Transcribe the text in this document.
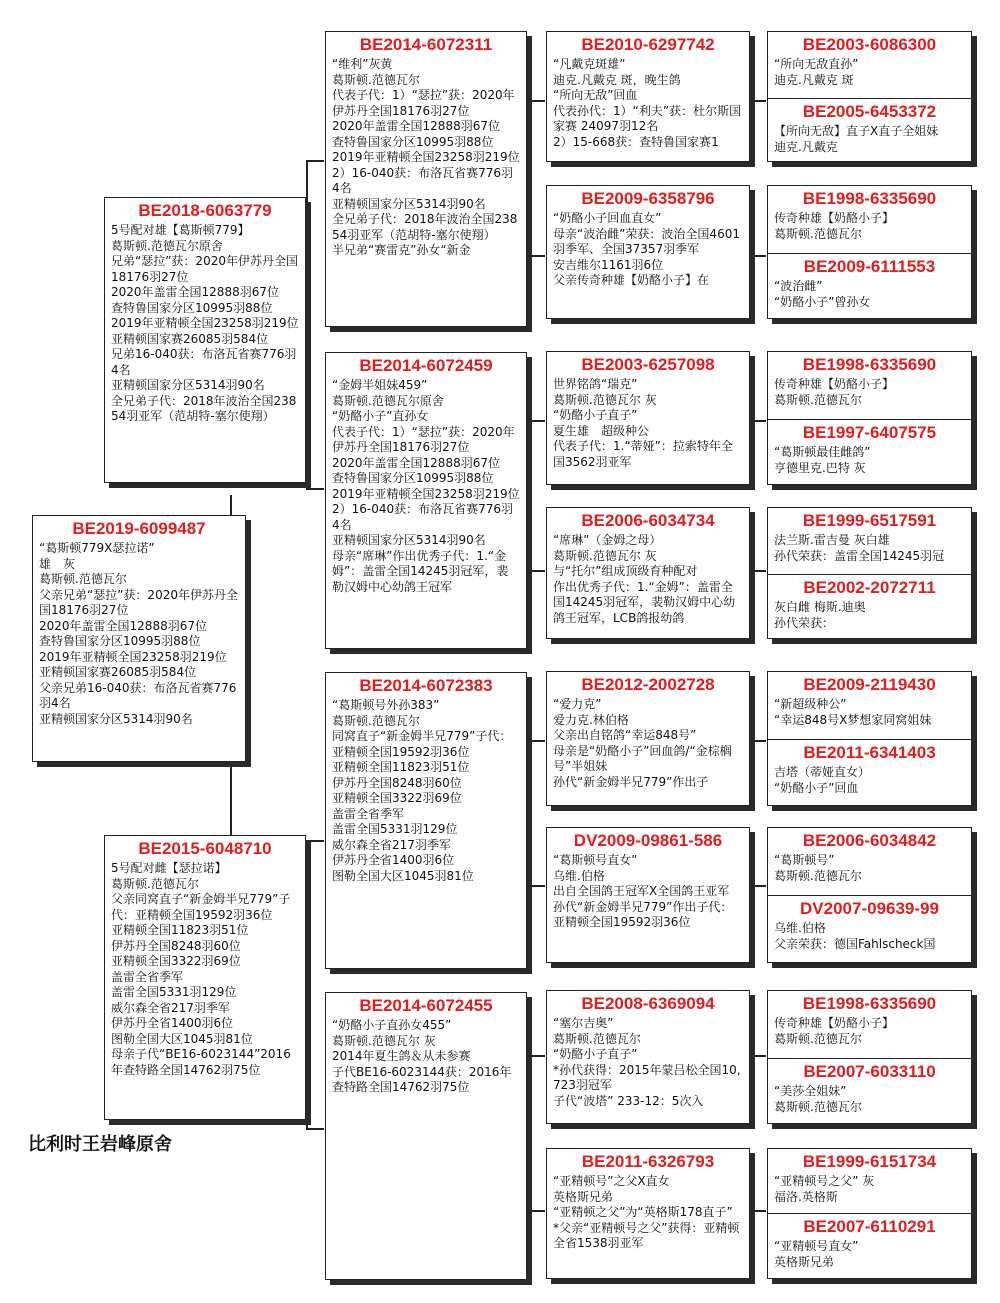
BE2019-6099487
“葛斯顿779X瑟拉诺”
雄　灰
葛斯顿.范德瓦尔
父亲兄弟“瑟拉”获：2020年伊苏丹全国18176羽27位
2020年盖雷全国12888羽67位
查特鲁国家分区10995羽88位
2019年亚精顿全国23258羽219位
亚精顿国家赛26085羽584位
父亲兄弟16-040获：布洛瓦省赛776羽4名
亚精顿国家分区5314羽90名
BE2018-6063779
5号配对雄【葛斯顿779】
葛斯顿.范德瓦尔原舍
兄弟“瑟拉”获：2020年伊苏丹全国18176羽27位
2020年盖雷全国12888羽67位
查特鲁国家分区10995羽88位
2019年亚精顿全国23258羽219位
亚精顿国家赛26085羽584位
兄弟16-040获：布洛瓦省赛776羽4名
亚精顿国家分区5314羽90名
全兄弟子代：2018年波治全国23854羽亚军（范胡特-塞尔使翔）
BE2015-6048710
5号配对雌【瑟拉诺】
葛斯顿.范德瓦尔
父亲同窝直子“新金姆半兄779”子代：亚精顿全国19592羽36位
亚精顿全国11823羽51位
伊苏丹全国8248羽60位
亚精顿全国3322羽69位
盖雷全省季军
盖雷全国5331羽129位
威尔森全省217羽季军
伊苏丹全省1400羽6位
图勒全国大区1045羽81位
母亲子代“BE16-6023144”2016年查特路全国14762羽75位
BE2014-6072311
“维利”灰黄
葛斯顿.范德瓦尔
代表子代：1）“瑟拉”获：2020年伊苏丹全国18176羽27位
2020年盖雷全国12888羽67位
查特鲁国家分区10995羽88位
2019年亚精顿全国23258羽219位
2）16-040获：布洛瓦省赛776羽4名
亚精顿国家分区5314羽90名
全兄弟子代：2018年波治全国23854羽亚军（范胡特-塞尔使翔）
半兄弟“赛雷克”孙女“新金
BE2014-6072459
“金姆半姐妹459”
葛斯顿.范德瓦尔原舍
“奶酪小子”直孙女
代表子代：1）“瑟拉”获：2020年伊苏丹全国18176羽27位
2020年盖雷全国12888羽67位
查特鲁国家分区10995羽88位
2019年亚精顿全国23258羽219位
2）16-040获：布洛瓦省赛776羽4名
亚精顿国家分区5314羽90名
母亲“席琳”作出优秀子代：1.“金姆”：盖雷全国14245羽冠军，裴勒汉姆中心幼鸽王冠军
BE2014-6072383
“葛斯顿号外孙383”
葛斯顿.范德瓦尔
同窝直子“新金姆半兄779”子代：亚精顿全国19592羽36位
亚精顿全国11823羽51位
伊苏丹全国8248羽60位
亚精顿全国3322羽69位
盖雷全省季军
盖雷全国5331羽129位
威尔森全省217羽季军
伊苏丹全省1400羽6位
图勒全国大区1045羽81位
BE2014-6072455
“奶酪小子直孙女455”
葛斯顿.范德瓦尔 灰
2014年夏生鸽＆从未参赛
子代BE16-6023144获：2016年查特路全国14762羽75位
BE2010-6297742
“凡戴克斑雄”
迪克.凡戴克 斑，晚生鸽
“所向无敌”回血
代表孙代：1）“利夫”获：杜尔斯国家赛 24097羽12名
2）15-668获：查特鲁国家赛1
BE2009-6358796
“奶酪小子回血直女”
母亲“波治雌”荣获：波治全国4601羽季军、全国37357羽季军
安吉维尔1161羽6位
父亲传奇种雄【奶酪小子】在
BE2003-6257098
世界铭鸽“瑞克”
葛斯顿.范德瓦尔 灰
“奶酪小子直子”
夏生雄　超级种公
代表子代：1.“蒂娅”：拉索特年全国3562羽亚军
BE2006-6034734
“席琳”（金姆之母）
葛斯顿.范德瓦尔 灰
与“托尔”组成顶级育种配对
作出优秀子代：1.“金姆”：盖雷全国14245羽冠军，裴勒汉姆中心幼鸽王冠军，LCB鸽报幼鸽
BE2012-2002728
“爱力克”
爱力克.林伯格
父亲出自铭鸽“幸运848号”
母亲是“奶酪小子”回血鸽/“金棕榈号”半姐妹
孙代“新金姆半兄779”作出子
DV2009-09861-586
“葛斯顿号直女”
乌维.伯格
出自全国鸽王冠军X全国鸽王亚军
孙代“新金姆半兄779”作出子代：亚精顿全国19592羽36位
BE2008-6369094
“塞尔吉奥”
葛斯顿.范德瓦尔
“奶酪小子直子”
*孙代获得：2015年蒙吕松全国10,723羽冠军
子代“波塔” 233-12：5次入
BE2011-6326793
“亚精顿号”之父X直女
英格斯兄弟
“亚精顿之父”为“英格斯178直子”
*父亲“亚精顿号之父”获得：亚精顿全省1538羽亚军
BE2003-6086300
“所向无敌直孙”
迪克.凡戴克 斑
BE2005-6453372
【所向无敌】直子X直子全姐妹
迪克.凡戴克
BE1998-6335690
传奇种雄【奶酪小子】
葛斯顿.范德瓦尔
BE2009-6111553
“波治雌”
“奶酪小子”曾孙女
BE1998-6335690
传奇种雄【奶酪小子】
葛斯顿.范德瓦尔
BE1997-6407575
“葛斯顿最佳雌鸽”
亨德里克.巴特 灰
BE1999-6517591
法兰斯.雷吉曼 灰白雄
孙代荣获：盖雷全国14245羽冠
BE2002-2072711
灰白雌 梅斯.迪奥
孙代荣获：
BE2009-2119430
“新超级种公”
“幸运848号X梦想家同窝姐妹
BE2011-6341403
吉塔（蒂娅直女）
“奶酪小子”回血
BE2006-6034842
“葛斯顿号”
葛斯顿.范德瓦尔
DV2007-09639-99
乌维.伯格
父亲荣获：德国Fahlscheck国
BE1998-6335690
传奇种雄【奶酪小子】
葛斯顿.范德瓦尔
BE2007-6033110
“美莎全姐妹”
葛斯顿.范德瓦尔
BE1999-6151734
“亚精顿号之父” 灰
福洛.英格斯
BE2007-6110291
“亚精顿号直女”
英格斯兄弟
比利时王岩峰原舍
